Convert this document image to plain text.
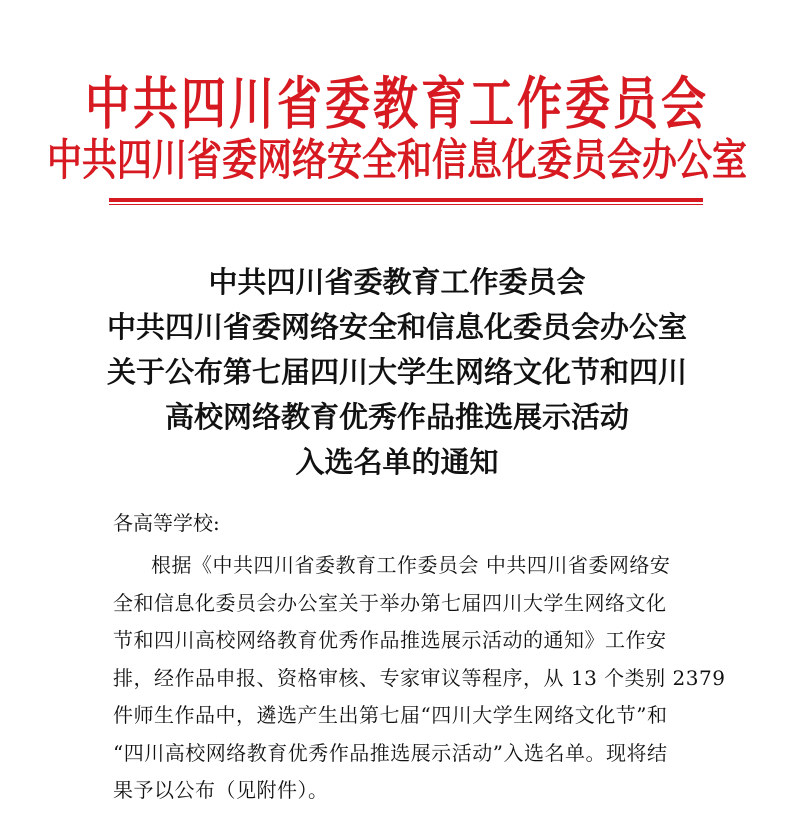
中共四川省委教育工作委员会
中共四川省委网络安全和信息化委员会办公室
中共四川省委教育工作委员会
中共四川省委网络安全和信息化委员会办公室
关于公布第七届四川大学生网络文化节和四川
高校网络教育优秀作品推选展示活动
入选名单的通知
各高等学校:
根据《中共四川省委教育工作委员会 中共四川省委网络安
全和信息化委员会办公室关于举办第七届四川大学生网络文化
节和四川高校网络教育优秀作品推选展示活动的通知》工作安
排，经作品申报、资格审核、专家审议等程序，从 13 个类别 2379
件师生作品中，遴选产生出第七届“四川大学生网络文化节”和
“四川高校网络教育优秀作品推选展示活动”入选名单。现将结
果予以公布（见附件）。
